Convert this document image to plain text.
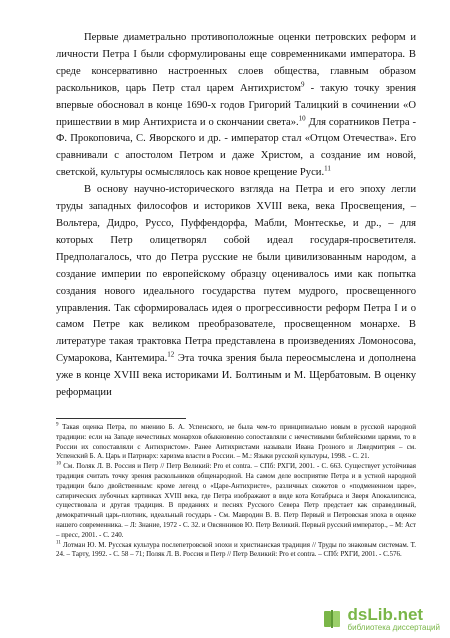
Первые диаметрально противоположные оценки петровских реформ и личности Петра I были сформулированы еще современниками императора. В среде консервативно настроенных слоев общества, главным образом раскольников, царь Петр стал царем Антихристом$^9$ - такую точку зрения впервые обосновал в конце 1690-х годов Григорий Талицкий в сочинении «О пришествии в мир Антихриста и о скончании света».$^{10}$ Для соратников Петра - Ф. Прокоповича, С. Яворского и др. - император стал «Отцом Отечества». Его сравнивали с апостолом Петром и даже Христом, а создание им новой, светской, культуры осмыслялось как новое крещение Руси.$^{11}$

В основу научно-исторического взгляда на Петра и его эпоху легли труды западных философов и историков XVIII века, века Просвещения, – Вольтера, Дидро, Руссо, Пуффендорфа, Мабли, Монтескье, и др., – для которых Петр олицетворял собой идеал государя-просветителя. Предполагалось, что до Петра русские не были цивилизованным народом, а создание империи по европейскому образцу оценивалось ими как попытка создания нового идеального государства путем мудрого, просвещенного управления. Так сформировалась идея о прогрессивности реформ Петра I и о самом Петре как великом преобразователе, просвещенном монархе. В литературе такая трактовка Петра представлена в произведениях Ломоносова, Сумарокова, Кантемира.$^{12}$ Эта точка зрения была переосмыслена и дополнена уже в конце XVIII века историками И. Болтиным и М. Щербатовым. В оценку реформации

$^9$ Такая оценка Петра, по мнению Б. А. Успенского, не была чем-то принципиально новым в русской народной традиции: если на Западе нечестивых монархов обыкновенно сопоставляли с нечестивыми библейскими царями, то в России их сопоставляли с Антихристом». Ранее Антихристами называли Ивана Грозного и Лжедмитрия – см. Успенский Б. А. Царь и Патриарх: харизма власти в России. – М.: Языки русской культуры, 1998. - С. 21.

$^{10}$ См. Поляк Л. В. Россия и Петр // Петр Великий: Pro et contra. – СПб: РХГИ, 2001. - С. 663. Существует устойчивая традиция считать точку зрения раскольников общенародной. На самом деле восприятие Петра и в устной народной традиции было двойственным: кроме легенд о «Царе-Антихристе», различных сюжетов о «подмененном царе», сатирических лубочных картинках XVIII века, где Петра изображают в виде кота Котабрыса и Зверя Апокалипсиса, существовала и другая традиция. В преданиях и песнях Русского Севера Петр предстает как справедливый, демократичный царь-плотник, идеальный государь - См. Мавродин В. В. Петр Первый и Петровская эпоха в оценке нашего современника. – Л: Знание, 1972 - С. 32. и Овсянников Ю. Петр Великий. Первый русский император., – М: Аст – пресс, 2001. - С. 240.

$^{11}$ Лотман Ю. М. Русская культура послепетровской эпохи и христианская традиция // Труды по знаковым системам. Т. 24. – Тарту, 1992. - С. 58 – 71; Поляк Л. В. Россия и Петр // Петр Великий: Pro et contra. – СПб: РХГИ, 2001. - С.576.

dsLib.net
библиотека диссертаций
